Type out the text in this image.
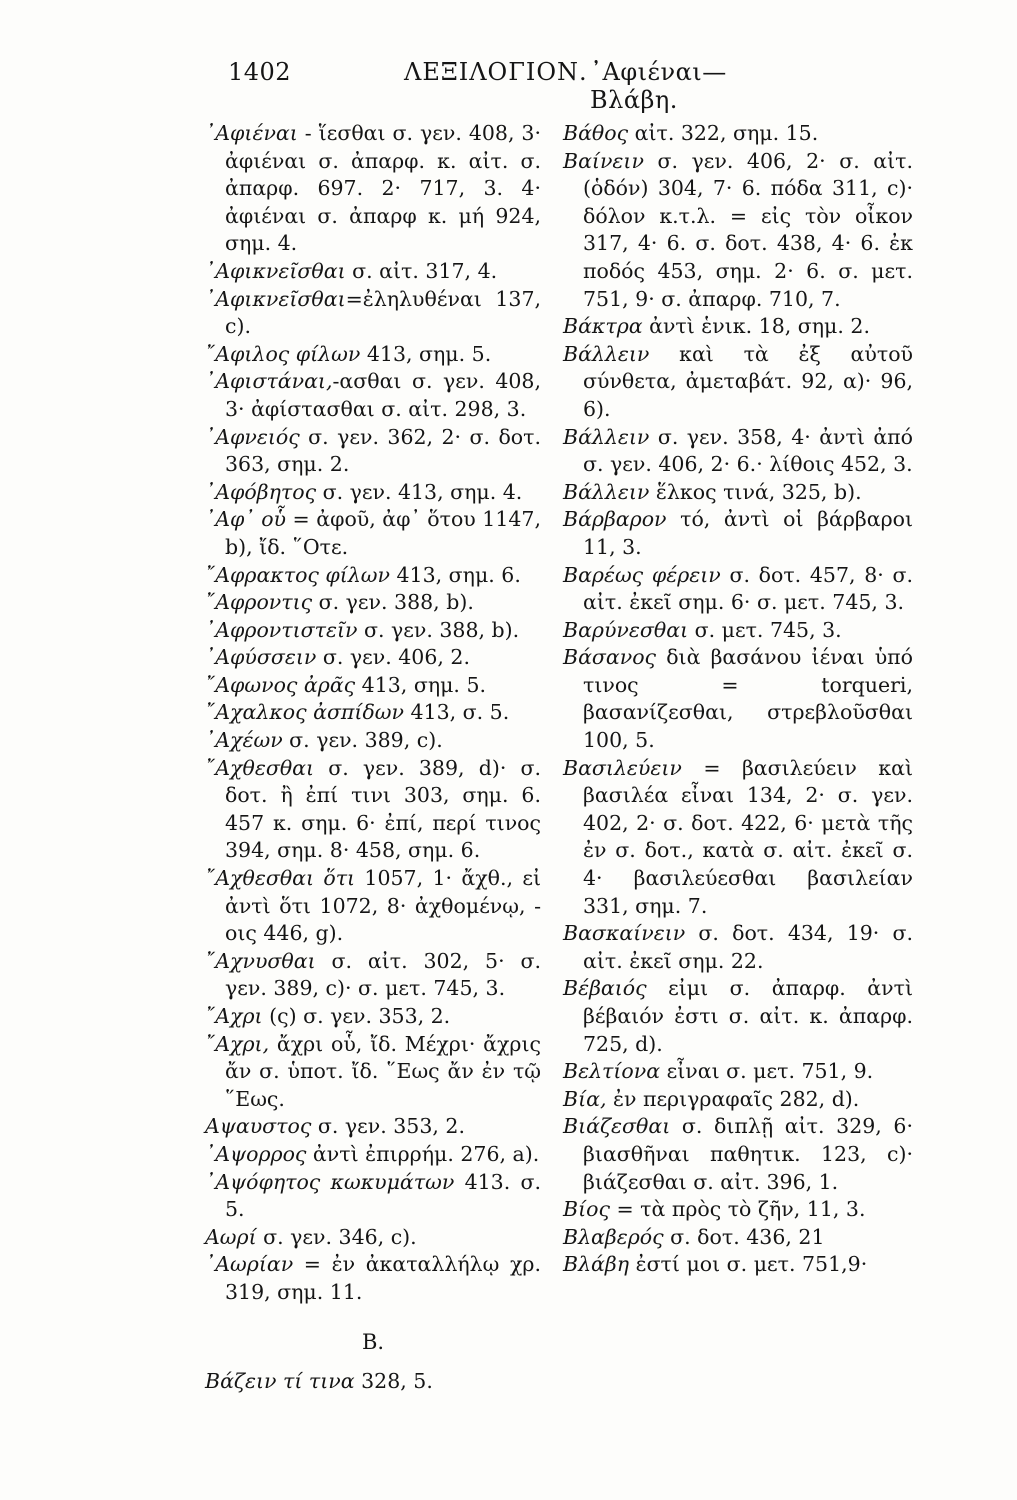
1402	ΛΕΞΙΛΟΓΙΟΝ. ᾿Αφιέναι—Βλάβη.

᾿Αφιέναι - ἵεσθαι σ. γεν. 408, 3· ἀφιέναι σ. ἀπαρφ. κ. αἰτ. σ. ἀπαρφ. 697. 2· 717, 3. 4· ἀφιέναι σ. ἀπαρφ κ. μή 924, σημ. 4.

᾿Αφικνεῖσθαι σ. αἰτ. 317, 4.

᾿Αφικνεῖσθαι=ἐληλυθέναι 137, c).

῎Αφιλος φίλων 413, σημ. 5.

᾿Αφιστάναι,-ασθαι σ. γεν. 408, 3· ἀφίστασθαι σ. αἰτ. 298, 3.

᾿Αφνειός σ. γεν. 362, 2· σ. δοτ. 363, σημ. 2.

᾿Αφόβητος σ. γεν. 413, σημ. 4.

᾿Αφ᾿ οὗ = ἀφοῦ, ἀφ᾿ ὅτου 1147, b), ἴδ. ῞Οτε.

῎Αφρακτος φίλων 413, σημ. 6.

῎Αφροντις σ. γεν. 388, b).

᾿Αφροντιστεῖν σ. γεν. 388, b).

᾿Αφύσσειν σ. γεν. 406, 2.

῎Αφωνος ἀρᾶς 413, σημ. 5.

῎Αχαλκος ἀσπίδων 413, σ. 5.

᾿Αχέων σ. γεν. 389, c).

῎Αχθεσθαι σ. γεν. 389, d)· σ. δοτ. ἢ ἐπί τινι 303, σημ. 6. 457 κ. σημ. 6· ἐπί, περί τινος 394, σημ. 8· 458, σημ. 6.

῎Αχθεσθαι ὅτι 1057, 1· ἄχθ., εἰ ἀντὶ ὅτι 1072, 8· ἀχθομένῳ, - οις 446, g).

῎Αχνυσθαι σ. αἰτ. 302, 5· σ. γεν. 389, c)· σ. μετ. 745, 3.

῎Αχρι (ς) σ. γεν. 353, 2.

῎Αχρι, ἄχρι οὗ, ἴδ. Μέχρι· ἄχρις ἄν σ. ὑποτ. ἴδ. ῞Εως ἄν ἐν τῷ ῞Εως.

Αψαυστος σ. γεν. 353, 2.

᾿Αψορρος ἀντὶ ἐπιρρήμ. 276, a).

᾿Αψόφητος κωκυμάτων 413. σ. 5.

Αωρί σ. γεν. 346, c).

᾿Αωρίαν = ἐν ἀκαταλλήλῳ χρ. 319, σημ. 11.

Β.

Βάζειν τί τινα 328, 5.

Βάθος αἰτ. 322, σημ. 15.

Βαίνειν σ. γεν. 406, 2· σ. αἰτ. (ὁδόν) 304, 7· 6. πόδα 311, c)· δόλον κ.τ.λ. = εἰς τὸν οἶκον 317, 4· 6. σ. δοτ. 438, 4· 6. ἐκ ποδός 453, σημ. 2· 6. σ. μετ. 751, 9· σ. ἀπαρφ. 710, 7.

Βάκτρα ἀντὶ ἑνικ. 18, σημ. 2.

Βάλλειν καὶ τὰ ἐξ αὐτοῦ σύνθετα, ἀμεταβάτ. 92, α)· 96, 6).

Βάλλειν σ. γεν. 358, 4· ἀντὶ ἀπό σ. γεν. 406, 2· 6.· λίθοις 452, 3.

Βάλλειν ἕλκος τινά, 325, b).

Βάρβαρον τό, ἀντὶ οἱ βάρβαροι 11, 3.

Βαρέως φέρειν σ. δοτ. 457, 8· σ. αἰτ. ἐκεῖ σημ. 6· σ. μετ. 745, 3.

Βαρύνεσθαι σ. μετ. 745, 3.

Βάσανος διὰ βασάνου ἰέναι ὑπό τινος = torqueri, βασανίζεσθαι, στρεβλοῦσθαι 100, 5.

Βασιλεύειν = βασιλεύειν καὶ βασιλέα εἶναι 134, 2· σ. γεν. 402, 2· σ. δοτ. 422, 6· μετὰ τῆς ἐν σ. δοτ., κατὰ σ. αἰτ. ἐκεῖ σ. 4· βασιλεύεσθαι βασιλείαν 331, σημ. 7.

Βασκαίνειν σ. δοτ. 434, 19· σ. αἰτ. ἐκεῖ σημ. 22.

Βέβαιός εἰμι σ. ἀπαρφ. ἀντὶ βέβαιόν ἐστι σ. αἰτ. κ. ἀπαρφ. 725, d).

Βελτίονα εἶναι σ. μετ. 751, 9.

Βία, ἐν περιγραφαῖς 282, d).

Βιάζεσθαι σ. διπλῇ αἰτ. 329, 6· βιασθῆναι παθητικ. 123, c)· βιάζεσθαι σ. αἰτ. 396, 1.

Βίος = τὰ πρὸς τὸ ζῆν, 11, 3.

Βλαβερός σ. δοτ. 436, 21

Βλάβη ἐστί μοι σ. μετ. 751,9·
